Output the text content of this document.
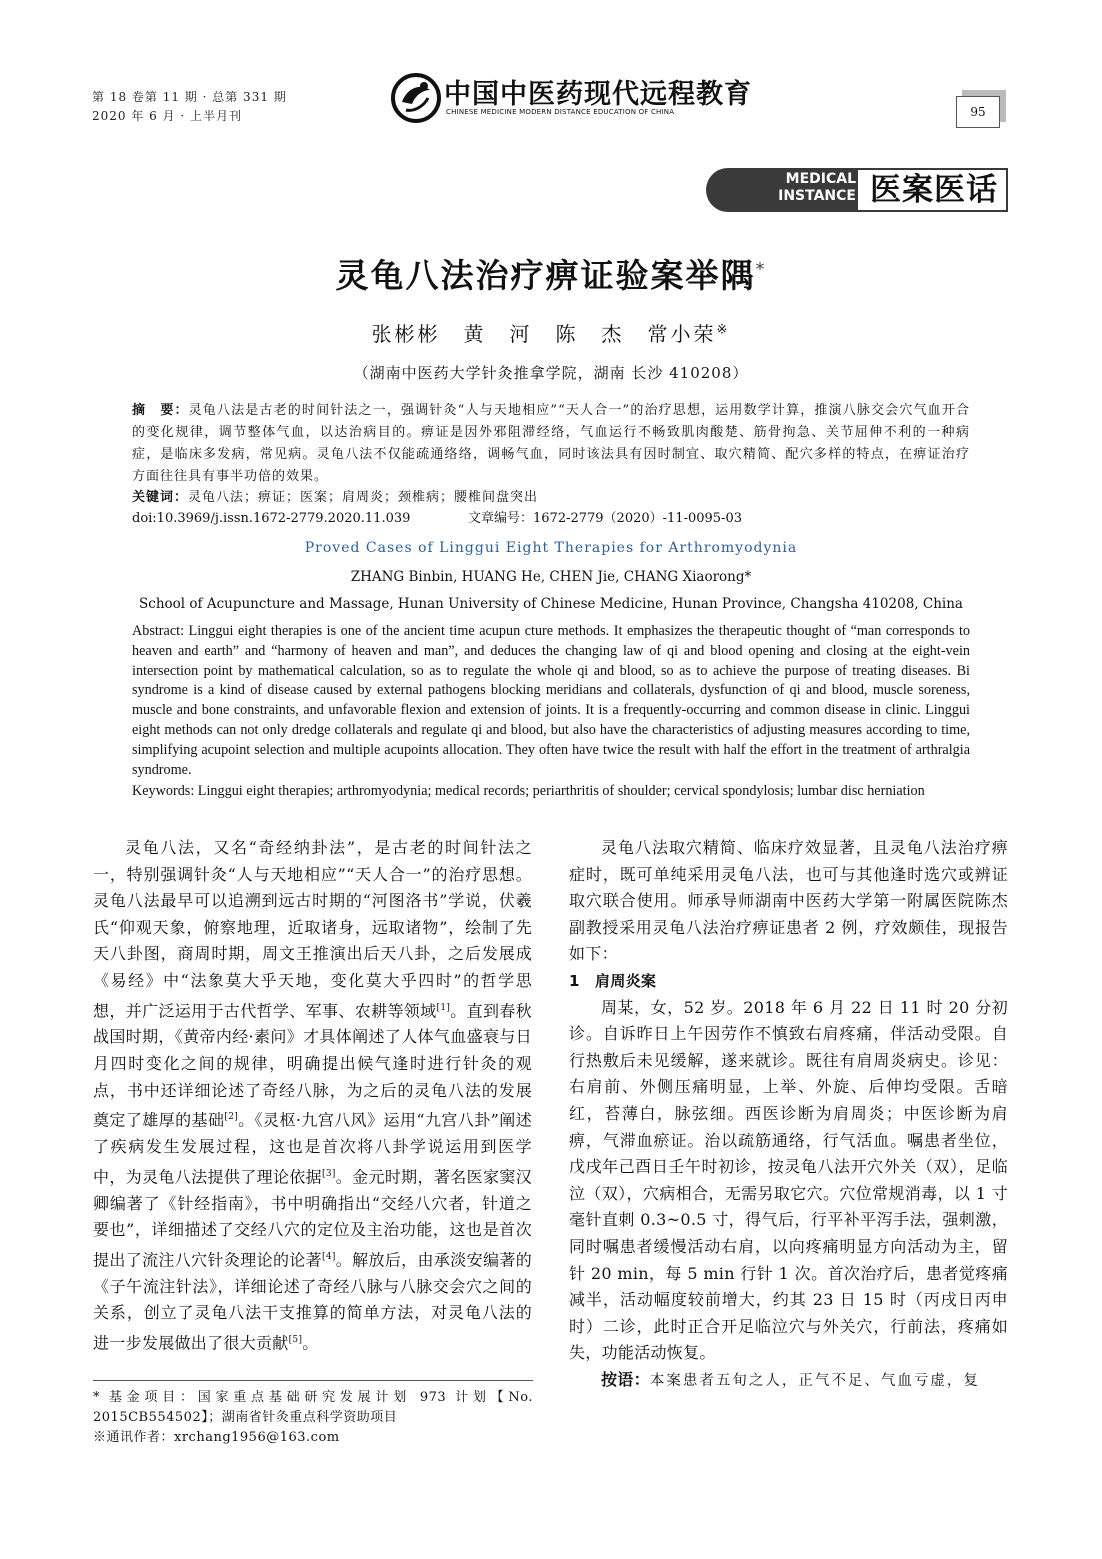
第 18 卷第 11 期 · 总第 331 期
2020 年 6 月 · 上半月刊
中国中医药现代远程教育
CHINESE MEDICINE MODERN DISTANCE EDUCATION OF CHINA	95
MEDICAL
INSTANCE 医案医话
灵龟八法治疗痹证验案举隅*
张彬彬　黄　河　陈　杰　常小荣※
（湖南中医药大学针灸推拿学院，湖南 长沙 410208）
摘　要：灵龟八法是古老的时间针法之一，强调针灸“人与天地相应”“天人合一”的治疗思想，运用数学计算，推演八脉交会穴气血开合的变化规律，调节整体气血，以达治病目的。痹证是因外邪阻滞经络，气血运行不畅致肌肉酸楚、筋骨拘急、关节屈伸不利的一种病症，是临床多发病，常见病。灵龟八法不仅能疏通络络，调畅气血，同时该法具有因时制宜、取穴精简、配穴多样的特点，在痹证治疗方面往往具有事半功倍的效果。
关键词：灵龟八法；痹证；医案；肩周炎；颈椎病；腰椎间盘突出
doi:10.3969/j.issn.1672-2779.2020.11.039	文章编号：1672-2779（2020）-11-0095-03
Proved Cases of Linggui Eight Therapies for Arthromyodynia
ZHANG Binbin, HUANG He, CHEN Jie, CHANG Xiaorong*
School of Acupuncture and Massage, Hunan University of Chinese Medicine, Hunan Province, Changsha 410208, China
Abstract: Linggui eight therapies is one of the ancient time acupun cture methods. It emphasizes the therapeutic thought of “man corresponds to heaven and earth” and “harmony of heaven and man”, and deduces the changing law of qi and blood opening and closing at the eight-vein intersection point by mathematical calculation, so as to regulate the whole qi and blood, so as to achieve the purpose of treating diseases. Bi syndrome is a kind of disease caused by external pathogens blocking meridians and collaterals, dysfunction of qi and blood, muscle soreness, muscle and bone constraints, and unfavorable flexion and extension of joints. It is a frequently-occurring and common disease in clinic. Linggui eight methods can not only dredge collaterals and regulate qi and blood, but also have the characteristics of adjusting measures according to time, simplifying acupoint selection and multiple acupoints allocation. They often have twice the result with half the effort in the treatment of arthralgia syndrome.
Keywords: Linggui eight therapies; arthromyodynia; medical records; periarthritis of shoulder; cervical spondylosis; lumbar disc herniation

灵龟八法，又名“奇经纳卦法”，是古老的时间针法之一，特别强调针灸“人与天地相应”“天人合一”的治疗思想。灵龟八法最早可以追溯到远古时期的“河图洛书”学说，伏羲氏“仰观天象，俯察地理，近取诸身，远取诸物”，绘制了先天八卦图，商周时期，周文王推演出后天八卦，之后发展成《易经》中“法象莫大乎天地，变化莫大乎四时”的哲学思想，并广泛运用于古代哲学、军事、农耕等领域[1]。直到春秋战国时期，《黄帝内经·素问》才具体阐述了人体气血盛衰与日月四时变化之间的规律，明确提出候气逢时进行针灸的观点，书中还详细论述了奇经八脉，为之后的灵龟八法的发展奠定了雄厚的基础[2]。《灵枢·九宫八风》运用“九宫八卦”阐述了疾病发生发展过程，这也是首次将八卦学说运用到医学中，为灵龟八法提供了理论依据[3]。金元时期，著名医家窦汉卿编著了《针经指南》，书中明确指出“交经八穴者，针道之要也”，详细描述了交经八穴的定位及主治功能，这也是首次提出了流注八穴针灸理论的论著[4]。解放后，由承淡安编著的《子午流注针法》，详细论述了奇经八脉与八脉交会穴之间的关系，创立了灵龟八法干支推算的简单方法，对灵龟八法的进一步发展做出了很大贡献[5]。

灵龟八法取穴精简、临床疗效显著，且灵龟八法治疗痹症时，既可单纯采用灵龟八法，也可与其他逢时选穴或辨证取穴联合使用。师承导师湖南中医药大学第一附属医院陈杰副教授采用灵龟八法治疗痹证患者 2 例，疗效颇佳，现报告如下：

1　肩周炎案

周某，女，52 岁。2018 年 6 月 22 日 11 时 20 分初诊。自诉昨日上午因劳作不慎致右肩疼痛，伴活动受限。自行热敷后未见缓解，遂来就诊。既往有肩周炎病史。诊见：右肩前、外侧压痛明显，上举、外旋、后伸均受限。舌暗红，苔薄白，脉弦细。西医诊断为肩周炎；中医诊断为肩痹，气滞血瘀证。治以疏筋通络，行气活血。嘱患者坐位，戊戌年己酉日壬午时初诊，按灵龟八法开穴外关（双），足临泣（双），穴病相合，无需另取它穴。穴位常规消毒，以 1 寸毫针直刺 0.3~0.5 寸，得气后，行平补平泻手法，强刺激，同时嘱患者缓慢活动右肩，以向疼痛明显方向活动为主，留针 20 min，每 5 min 行针 1 次。首次治疗后，患者觉疼痛减半，活动幅度较前增大，约其 23 日 15 时（丙戌日丙申时）二诊，此时正合开足临泣穴与外关穴，行前法，疼痛如失，功能活动恢复。

按语：本案患者五旬之人，正气不足、气血亏虚，复

* 基金项目：国家重点基础研究发展计划 973 计划【No. 2015CB554502】；湖南省针灸重点科学资助项目
※通讯作者：xrchang1956@163.com
